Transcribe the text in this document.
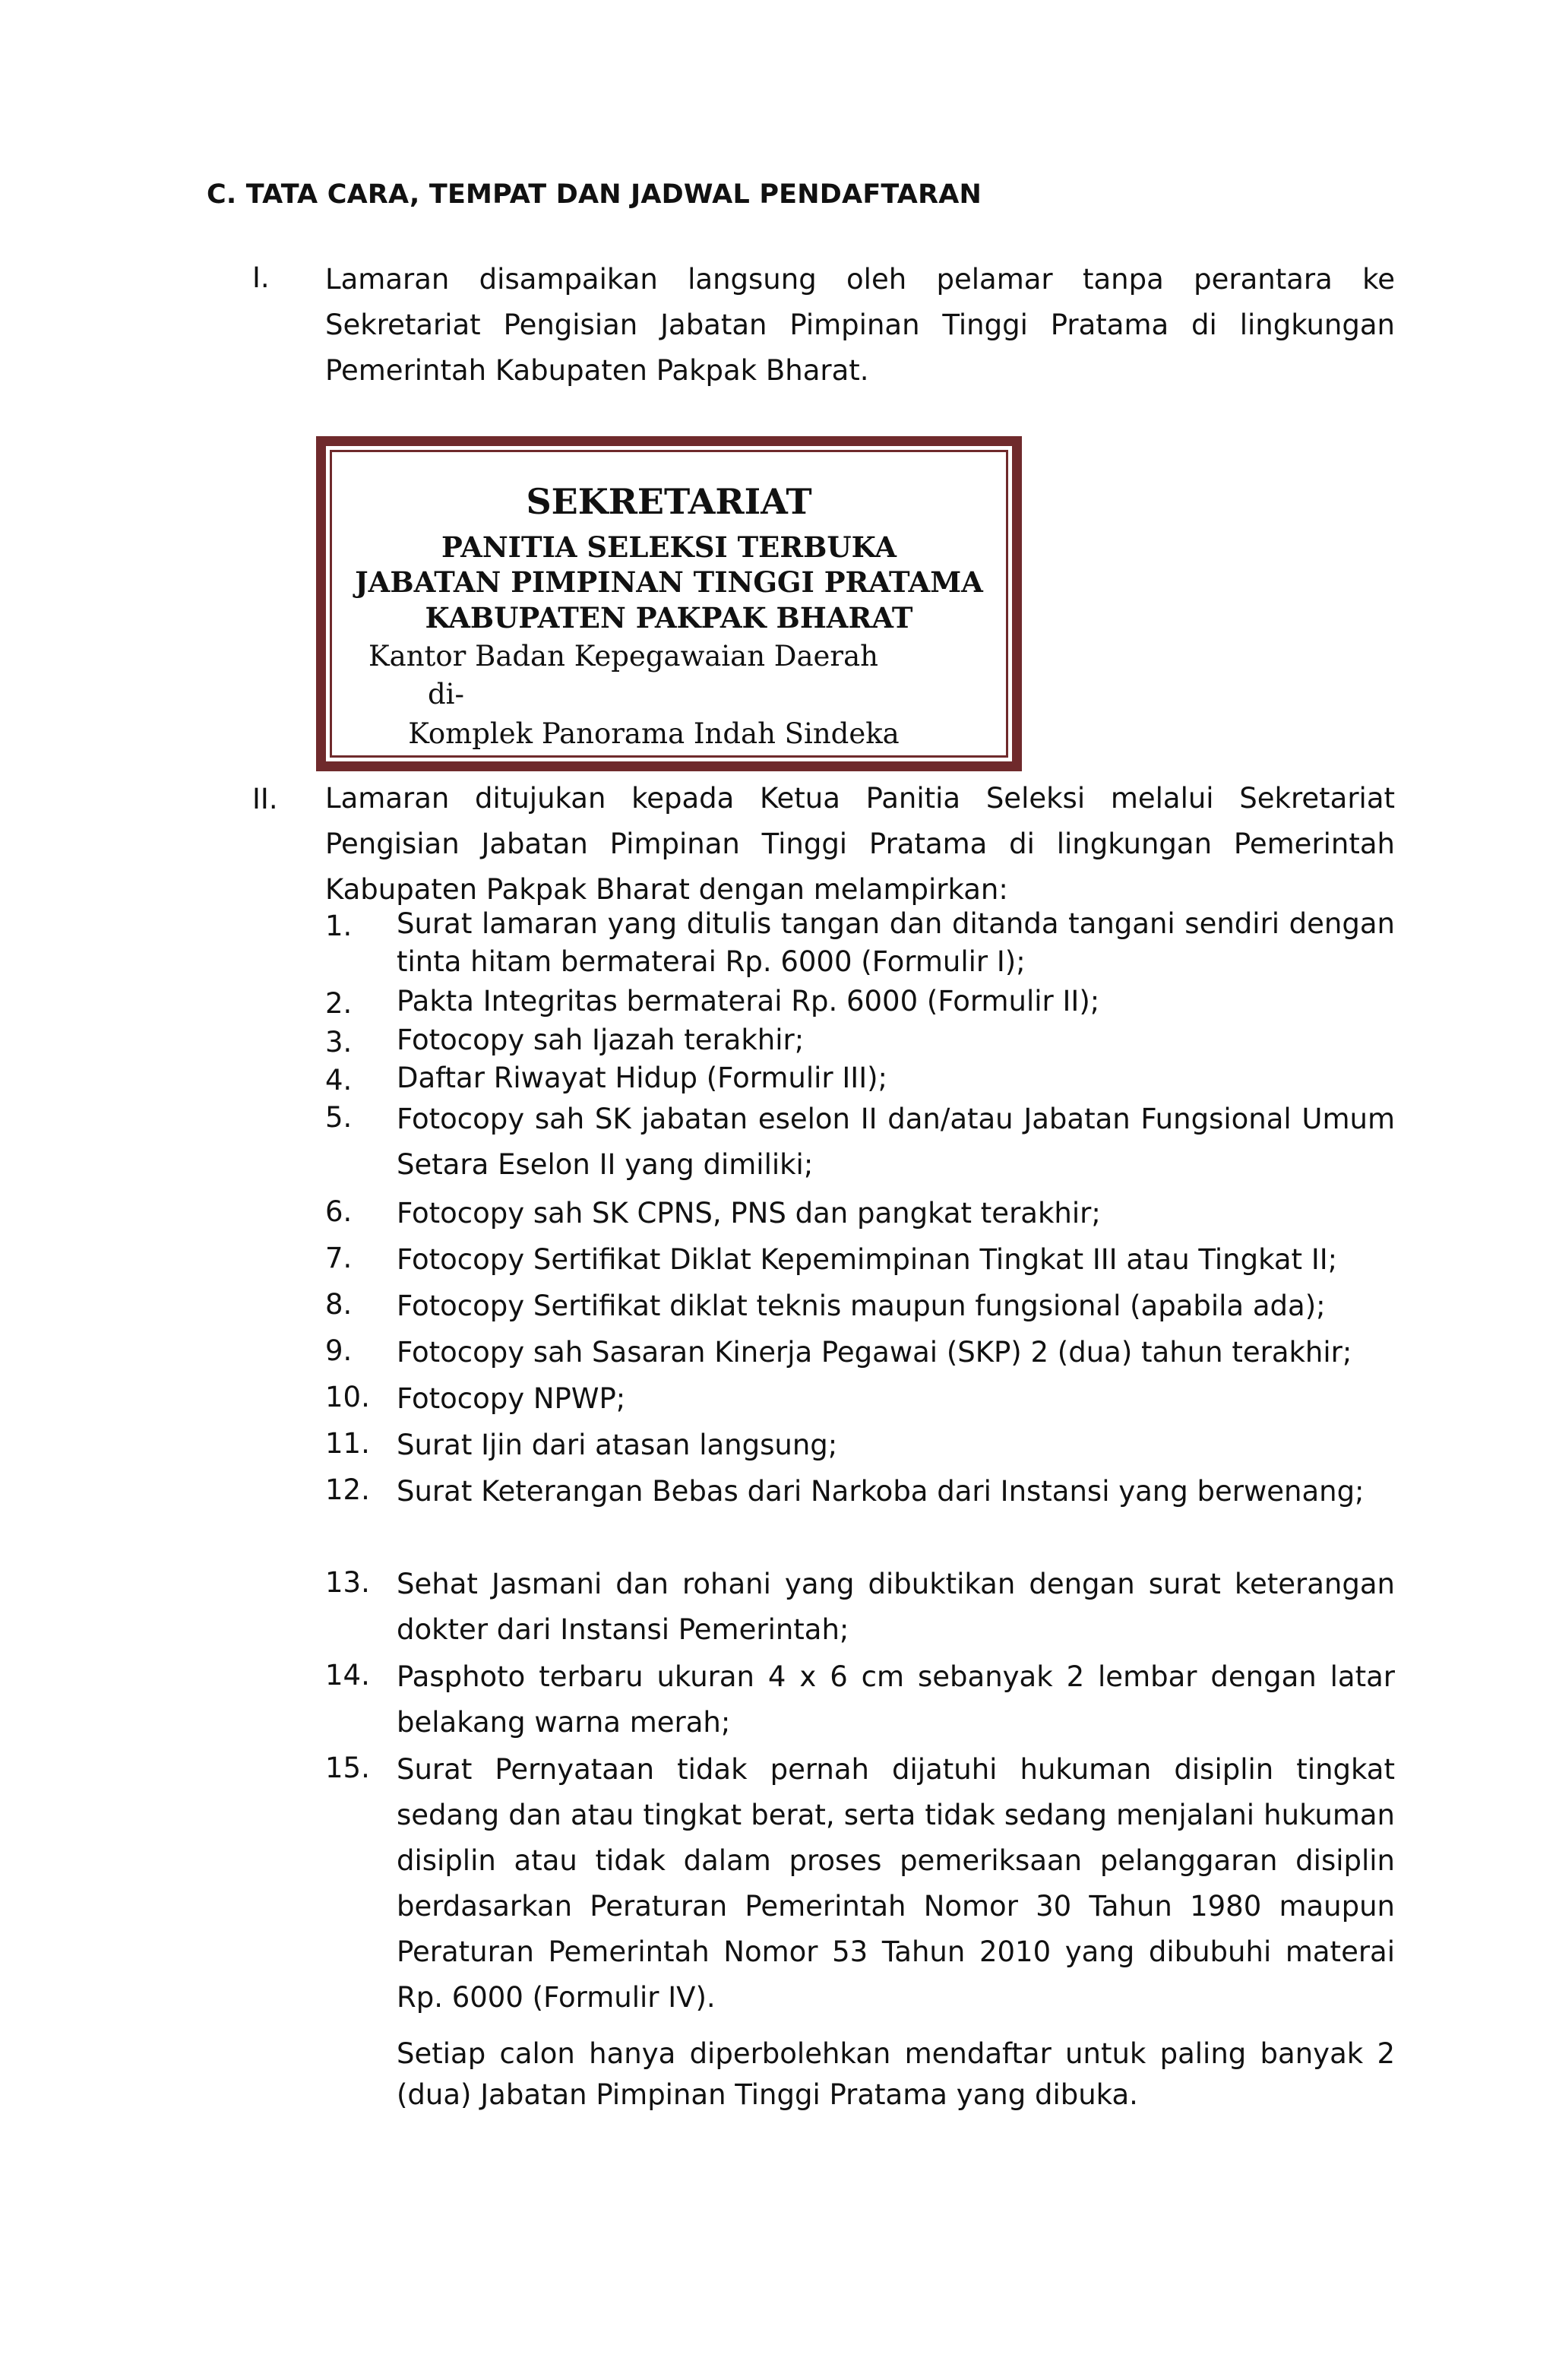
C. TATA CARA, TEMPAT DAN JADWAL PENDAFTARAN
I. Lamaran disampaikan langsung oleh pelamar tanpa perantara ke Sekretariat Pengisian Jabatan Pimpinan Tinggi Pratama di lingkungan Pemerintah Kabupaten Pakpak Bharat.
SEKRETARIAT
PANITIA SELEKSI TERBUKA
JABATAN PIMPINAN TINGGI PRATAMA
KABUPATEN PAKPAK BHARAT
Kantor Badan Kepegawaian Daerah
di-
Komplek Panorama Indah Sindeka
II. Lamaran ditujukan kepada Ketua Panitia Seleksi melalui Sekretariat Pengisian Jabatan Pimpinan Tinggi Pratama di lingkungan Pemerintah Kabupaten Pakpak Bharat dengan melampirkan:
1. Surat lamaran yang ditulis tangan dan ditanda tangani sendiri dengan tinta hitam bermaterai Rp. 6000 (Formulir I);
2. Pakta Integritas bermaterai Rp. 6000 (Formulir II);
3. Fotocopy sah Ijazah terakhir;
4. Daftar Riwayat Hidup (Formulir III);
5. Fotocopy sah SK jabatan eselon II dan/atau Jabatan Fungsional Umum Setara Eselon II yang dimiliki;
6. Fotocopy sah SK CPNS, PNS dan pangkat terakhir;
7. Fotocopy Sertifikat Diklat Kepemimpinan Tingkat III atau Tingkat II;
8. Fotocopy Sertifikat diklat teknis maupun fungsional (apabila ada);
9. Fotocopy sah Sasaran Kinerja Pegawai (SKP) 2 (dua) tahun terakhir;
10. Fotocopy NPWP;
11. Surat Ijin dari atasan langsung;
12. Surat Keterangan Bebas dari Narkoba dari Instansi yang berwenang;
13. Sehat Jasmani dan rohani yang dibuktikan dengan surat keterangan dokter dari Instansi Pemerintah;
14. Pasphoto terbaru ukuran 4 x 6 cm sebanyak 2 lembar dengan latar belakang warna merah;
15. Surat Pernyataan tidak pernah dijatuhi hukuman disiplin tingkat sedang dan atau tingkat berat, serta tidak sedang menjalani hukuman disiplin atau tidak dalam proses pemeriksaan pelanggaran disiplin berdasarkan Peraturan Pemerintah Nomor 30 Tahun 1980 maupun Peraturan Pemerintah Nomor 53 Tahun 2010 yang dibubuhi materai Rp. 6000 (Formulir IV).
Setiap calon hanya diperbolehkan mendaftar untuk paling banyak 2 (dua) Jabatan Pimpinan Tinggi Pratama yang dibuka.
